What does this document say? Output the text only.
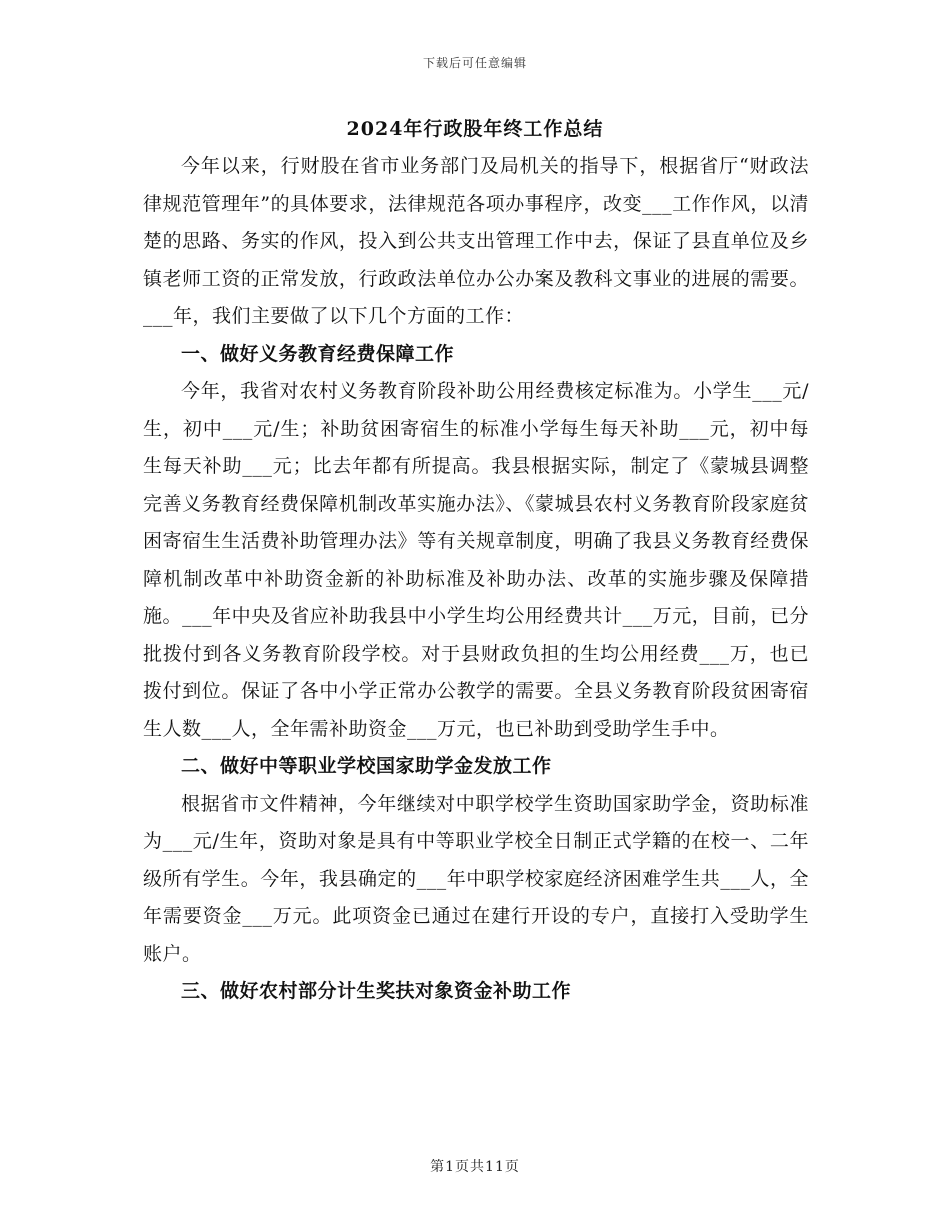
下载后可任意编辑
2024年行政股年终工作总结

今年以来，行财股在省市业务部门及局机关的指导下，根据省厅“财政法律规范管理年”的具体要求，法律规范各项办事程序，改变___工作作风，以清楚的思路、务实的作风，投入到公共支出管理工作中去，保证了县直单位及乡镇老师工资的正常发放，行政政法单位办公办案及教科文事业的进展的需要。___年，我们主要做了以下几个方面的工作：

一、做好义务教育经费保障工作

今年，我省对农村义务教育阶段补助公用经费核定标准为。小学生___元/生，初中___元/生；补助贫困寄宿生的标准小学每生每天补助___元，初中每生每天补助___元；比去年都有所提高。我县根据实际，制定了《蒙城县调整完善义务教育经费保障机制改革实施办法》、《蒙城县农村义务教育阶段家庭贫困寄宿生生活费补助管理办法》等有关规章制度，明确了我县义务教育经费保障机制改革中补助资金新的补助标准及补助办法、改革的实施步骤及保障措施。___年中央及省应补助我县中小学生均公用经费共计___万元，目前，已分批拨付到各义务教育阶段学校。对于县财政负担的生均公用经费___万，也已拨付到位。保证了各中小学正常办公教学的需要。全县义务教育阶段贫困寄宿生人数___人，全年需补助资金___万元，也已补助到受助学生手中。

二、做好中等职业学校国家助学金发放工作

根据省市文件精神，今年继续对中职学校学生资助国家助学金，资助标准为___元/生年，资助对象是具有中等职业学校全日制正式学籍的在校一、二年级所有学生。今年，我县确定的___年中职学校家庭经济困难学生共___人，全年需要资金___万元。此项资金已通过在建行开设的专户，直接打入受助学生账户。

三、做好农村部分计生奖扶对象资金补助工作

第1页共11页
